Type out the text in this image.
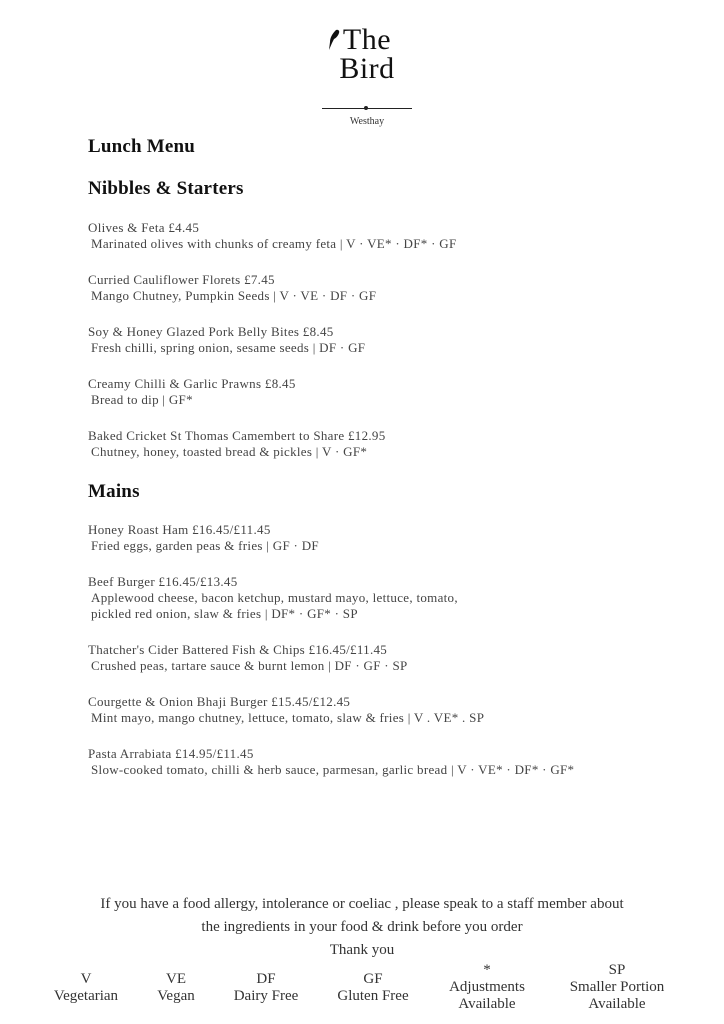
The
Bird
Westhay
Lunch Menu
Nibbles & Starters
Olives & Feta £4.45
Marinated olives with chunks of creamy feta | V · VE* · DF* · GF
Curried Cauliflower Florets £7.45
Mango Chutney, Pumpkin Seeds | V · VE · DF · GF
Soy & Honey Glazed Pork Belly Bites £8.45
Fresh chilli, spring onion, sesame seeds | DF · GF
Creamy Chilli & Garlic Prawns £8.45
Bread to dip | GF*
Baked Cricket St Thomas Camembert to Share £12.95
Chutney, honey, toasted bread & pickles | V · GF*
Mains
Honey Roast Ham £16.45/£11.45
Fried eggs, garden peas & fries | GF · DF
Beef Burger £16.45/£13.45
Applewood cheese, bacon ketchup, mustard mayo, lettuce, tomato,
pickled red onion, slaw & fries | DF* · GF* · SP
Thatcher's Cider Battered Fish & Chips £16.45/£11.45
Crushed peas, tartare sauce & burnt lemon | DF · GF · SP
Courgette & Onion Bhaji Burger £15.45/£12.45
Mint mayo, mango chutney, lettuce, tomato, slaw & fries | V . VE* . SP
Pasta Arrabiata £14.95/£11.45
Slow-cooked tomato, chilli & herb sauce, parmesan, garlic bread | V · VE* · DF* · GF*
If you have a food allergy, intolerance or coeliac , please speak to a staff member about
the ingredients in your food & drink before you order
Thank you
V
Vegetarian
VE
Vegan
DF
Dairy Free
GF
Gluten Free
*
Adjustments
Available
SP
Smaller Portion
Available
